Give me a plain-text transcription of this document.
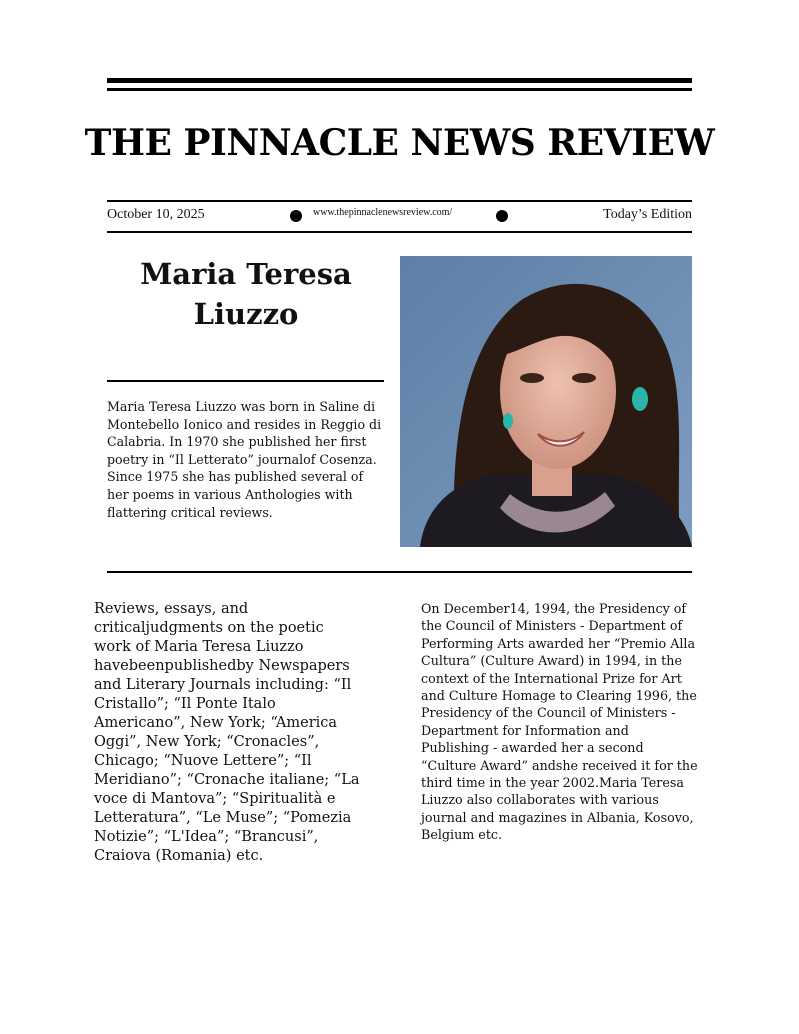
THE PINNACLE NEWS REVIEW
October 10, 2025	www.thepinnaclenewsreview.com/	Today’s Edition
Maria Teresa Liuzzo
Maria Teresa Liuzzo was born in Saline di Montebello Ionico and resides in Reggio di Calabria. In 1970 she published her first poetry in “Il Letterato” journalof Cosenza. Since 1975 she has published several of her poems in various Anthologies with flattering critical reviews.
Reviews, essays, and criticaljudgments on the poetic work of Maria Teresa Liuzzo havebeenpublishedby Newspapers and Literary Journals including: “Il Cristallo”; “Il Ponte Italo Americano”, New York; “America Oggi”, New York; “Cronacles”, Chicago; “Nuove Lettere”; “Il Meridiano”; “Cronache italiane; “La voce di Mantova”; “Spiritualità e Letteratura”, “Le Muse”; “Pomezia Notizie”; “L'Idea”; “Brancusi”, Craiova (Romania) etc.
On December14, 1994, the Presidency of the Council of Ministers - Department of Performing Arts awarded her “Premio Alla Cultura” (Culture Award) in 1994, in the context of the International Prize for Art and Culture Homage to Clearing 1996, the Presidency of the Council of Ministers - Department for Information and Publishing - awarded her a second “Culture Award” andshe received it for the third time in the year 2002.Maria Teresa Liuzzo also collaborates with various journal and magazines in Albania, Kosovo, Belgium etc.
